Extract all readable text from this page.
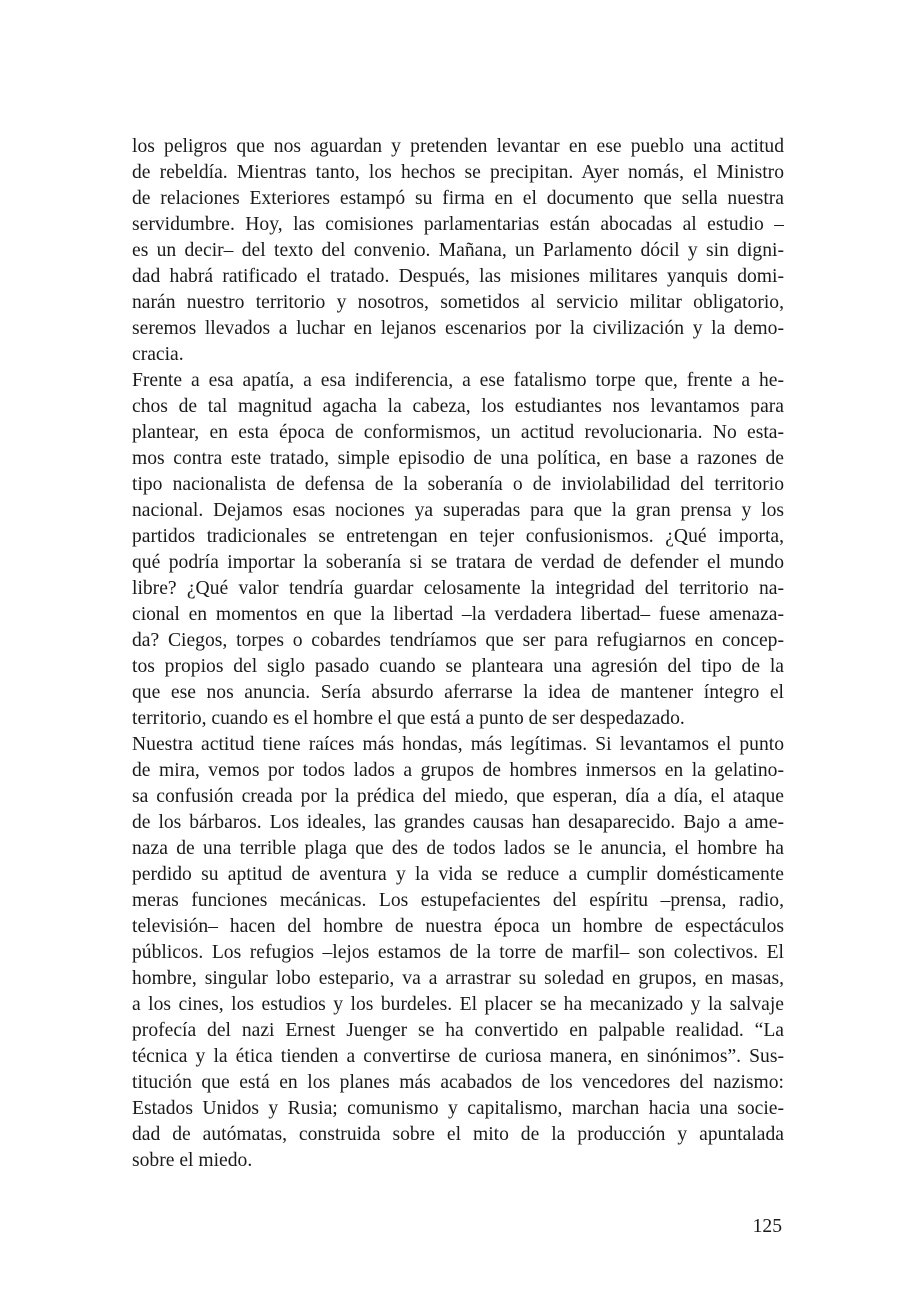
los peligros que nos aguardan y pretenden levantar en ese pueblo una actitud
de rebeldía. Mientras tanto, los hechos se precipitan. Ayer nomás, el Ministro
de relaciones Exteriores estampó su firma en el documento que sella nuestra
servidumbre. Hoy, las comisiones parlamentarias están abocadas al estudio –
es un decir– del texto del convenio. Mañana, un Parlamento dócil y sin digni-
dad habrá ratificado el tratado. Después, las misiones militares yanquis domi-
narán nuestro territorio y nosotros, sometidos al servicio militar obligatorio,
seremos llevados a luchar en lejanos escenarios por la civilización y la demo-
cracia.
Frente a esa apatía, a esa indiferencia, a ese fatalismo torpe que, frente a he-
chos de tal magnitud agacha la cabeza, los estudiantes nos levantamos para
plantear, en esta época de conformismos, un actitud revolucionaria. No esta-
mos contra este tratado, simple episodio de una política, en base a razones de
tipo nacionalista de defensa de la soberanía o de inviolabilidad del territorio
nacional. Dejamos esas nociones ya superadas para que la gran prensa y los
partidos tradicionales se entretengan en tejer confusionismos. ¿Qué importa,
qué podría importar la soberanía si se tratara de verdad de defender el mundo
libre? ¿Qué valor tendría guardar celosamente la integridad del territorio na-
cional en momentos en que la libertad –la verdadera libertad– fuese amenaza-
da? Ciegos, torpes o cobardes tendríamos que ser para refugiarnos en concep-
tos propios del siglo pasado cuando se planteara una agresión del tipo de la
que ese nos anuncia. Sería absurdo aferrarse la idea de mantener íntegro el
territorio, cuando es el hombre el que está a punto de ser despedazado.
Nuestra actitud tiene raíces más hondas, más legítimas. Si levantamos el punto
de mira, vemos por todos lados a grupos de hombres inmersos en la gelatino-
sa confusión creada por la prédica del miedo, que esperan, día a día, el ataque
de los bárbaros. Los ideales, las grandes causas han desaparecido. Bajo a ame-
naza de una terrible plaga que des de todos lados se le anuncia, el hombre ha
perdido su aptitud de aventura y la vida se reduce a cumplir domésticamente
meras funciones mecánicas. Los estupefacientes del espíritu –prensa, radio,
televisión– hacen del hombre de nuestra época un hombre de espectáculos
públicos. Los refugios –lejos estamos de la torre de marfil– son colectivos. El
hombre, singular lobo estepario, va a arrastrar su soledad en grupos, en masas,
a los cines, los estudios y los burdeles. El placer se ha mecanizado y la salvaje
profecía del nazi Ernest Juenger se ha convertido en palpable realidad. “La
técnica y la ética tienden a convertirse de curiosa manera, en sinónimos”. Sus-
titución que está en los planes más acabados de los vencedores del nazismo:
Estados Unidos y Rusia; comunismo y capitalismo, marchan hacia una socie-
dad de autómatas, construida sobre el mito de la producción y apuntalada
sobre el miedo.
125
